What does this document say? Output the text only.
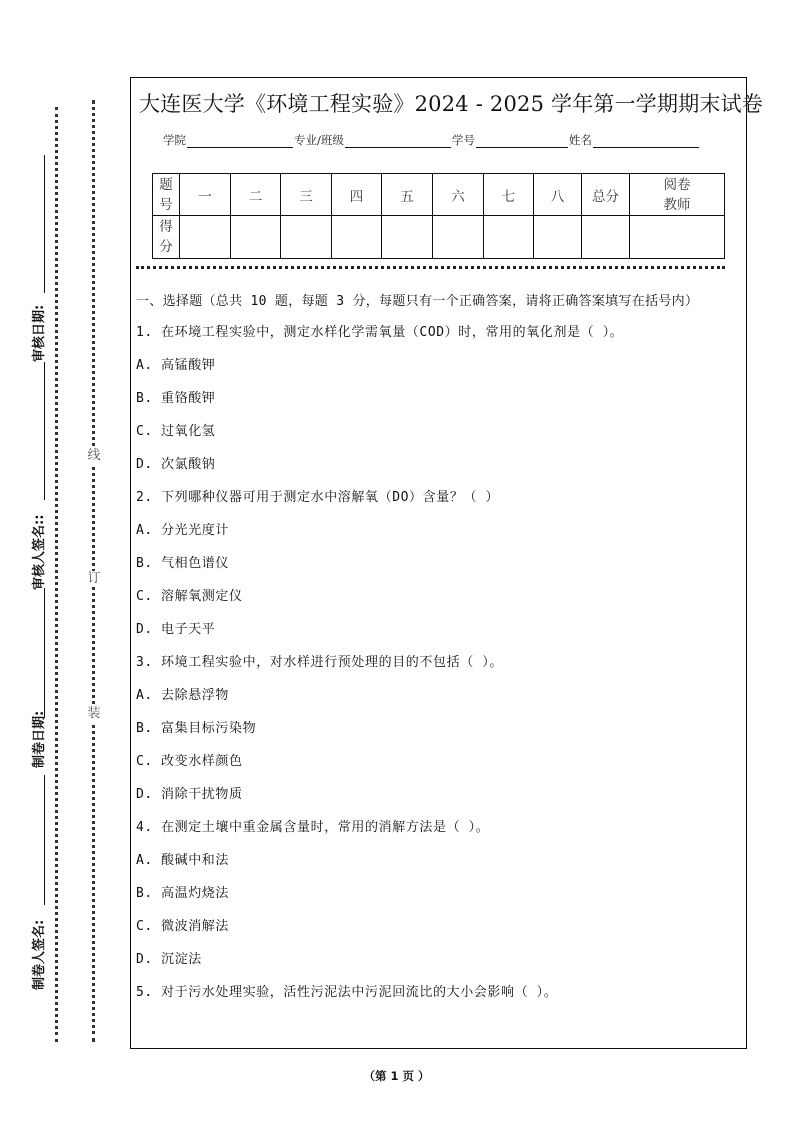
线
订
装
审核日期:
审核人签名::
制卷日期:
制卷人签名:
大连医大学《环境工程实验》2024 - 2025 学年第一学期期末试卷
学院	专业/班级	学号	姓名
题号	一	二	三	四	五	六	七	八	总分	阅卷教师
得分										
一、选择题（总共 10 题，每题 3 分，每题只有一个正确答案，请将正确答案填写在括号内）
1. 在环境工程实验中，测定水样化学需氧量（COD）时，常用的氧化剂是（ ）。
A. 高锰酸钾
B. 重铬酸钾
C. 过氧化氢
D. 次氯酸钠
2. 下列哪种仪器可用于测定水中溶解氧（DO）含量？（ ）
A. 分光光度计
B. 气相色谱仪
C. 溶解氧测定仪
D. 电子天平
3. 环境工程实验中，对水样进行预处理的目的不包括（ ）。
A. 去除悬浮物
B. 富集目标污染物
C. 改变水样颜色
D. 消除干扰物质
4. 在测定土壤中重金属含量时，常用的消解方法是（ ）。
A. 酸碱中和法
B. 高温灼烧法
C. 微波消解法
D. 沉淀法
5. 对于污水处理实验，活性污泥法中污泥回流比的大小会影响（ ）。
（第 1 页 ）
